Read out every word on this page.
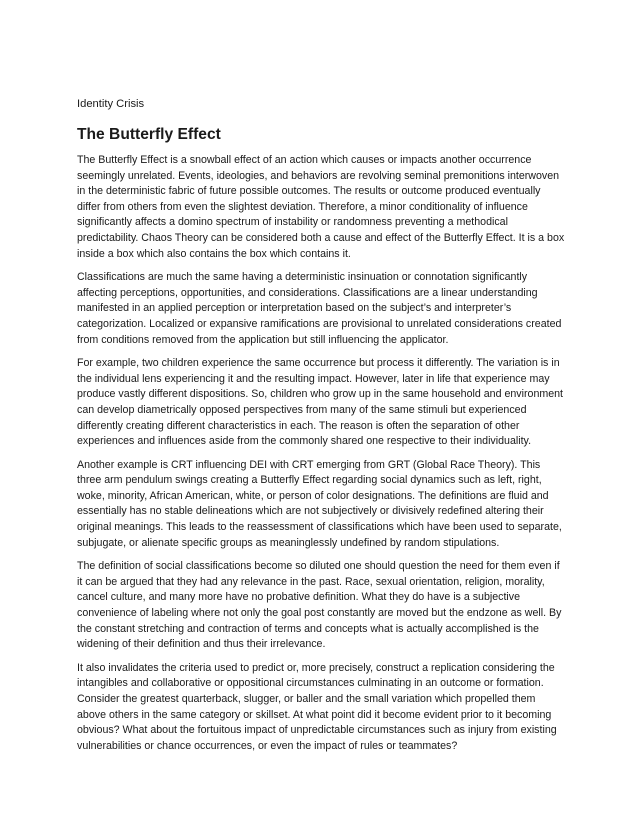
Identity Crisis
The Butterfly Effect

The Butterfly Effect is a snowball effect of an action which causes or impacts another occurrence seemingly unrelated. Events, ideologies, and behaviors are revolving seminal premonitions interwoven in the deterministic fabric of future possible outcomes. The results or outcome produced eventually differ from others from even the slightest deviation. Therefore, a minor conditionality of influence significantly affects a domino spectrum of instability or randomness preventing a methodical predictability. Chaos Theory can be considered both a cause and effect of the Butterfly Effect. It is a box inside a box which also contains the box which contains it.

Classifications are much the same having a deterministic insinuation or connotation significantly affecting perceptions, opportunities, and considerations. Classifications are a linear understanding manifested in an applied perception or interpretation based on the subject’s and interpreter’s categorization. Localized or expansive ramifications are provisional to unrelated considerations created from conditions removed from the application but still influencing the applicator.

For example, two children experience the same occurrence but process it differently. The variation is in the individual lens experiencing it and the resulting impact. However, later in life that experience may produce vastly different dispositions. So, children who grow up in the same household and environment can develop diametrically opposed perspectives from many of the same stimuli but experienced differently creating different characteristics in each. The reason is often the separation of other experiences and influences aside from the commonly shared one respective to their individuality.

Another example is CRT influencing DEI with CRT emerging from GRT (Global Race Theory). This three arm pendulum swings creating a Butterfly Effect regarding social dynamics such as left, right, woke, minority, African American, white, or person of color designations. The definitions are fluid and essentially has no stable delineations which are not subjectively or divisively redefined altering their original meanings. This leads to the reassessment of classifications which have been used to separate, subjugate, or alienate specific groups as meaninglessly undefined by random stipulations.

The definition of social classifications become so diluted one should question the need for them even if it can be argued that they had any relevance in the past. Race, sexual orientation, religion, morality, cancel culture, and many more have no probative definition. What they do have is a subjective convenience of labeling where not only the goal post constantly are moved but the endzone as well. By the constant stretching and contraction of terms and concepts what is actually accomplished is the widening of their definition and thus their irrelevance.

It also invalidates the criteria used to predict or, more precisely, construct a replication considering the intangibles and collaborative or oppositional circumstances culminating in an outcome or formation. Consider the greatest quarterback, slugger, or baller and the small variation which propelled them above others in the same category or skillset. At what point did it become evident prior to it becoming obvious? What about the fortuitous impact of unpredictable circumstances such as injury from existing vulnerabilities or chance occurrences, or even the impact of rules or teammates?
